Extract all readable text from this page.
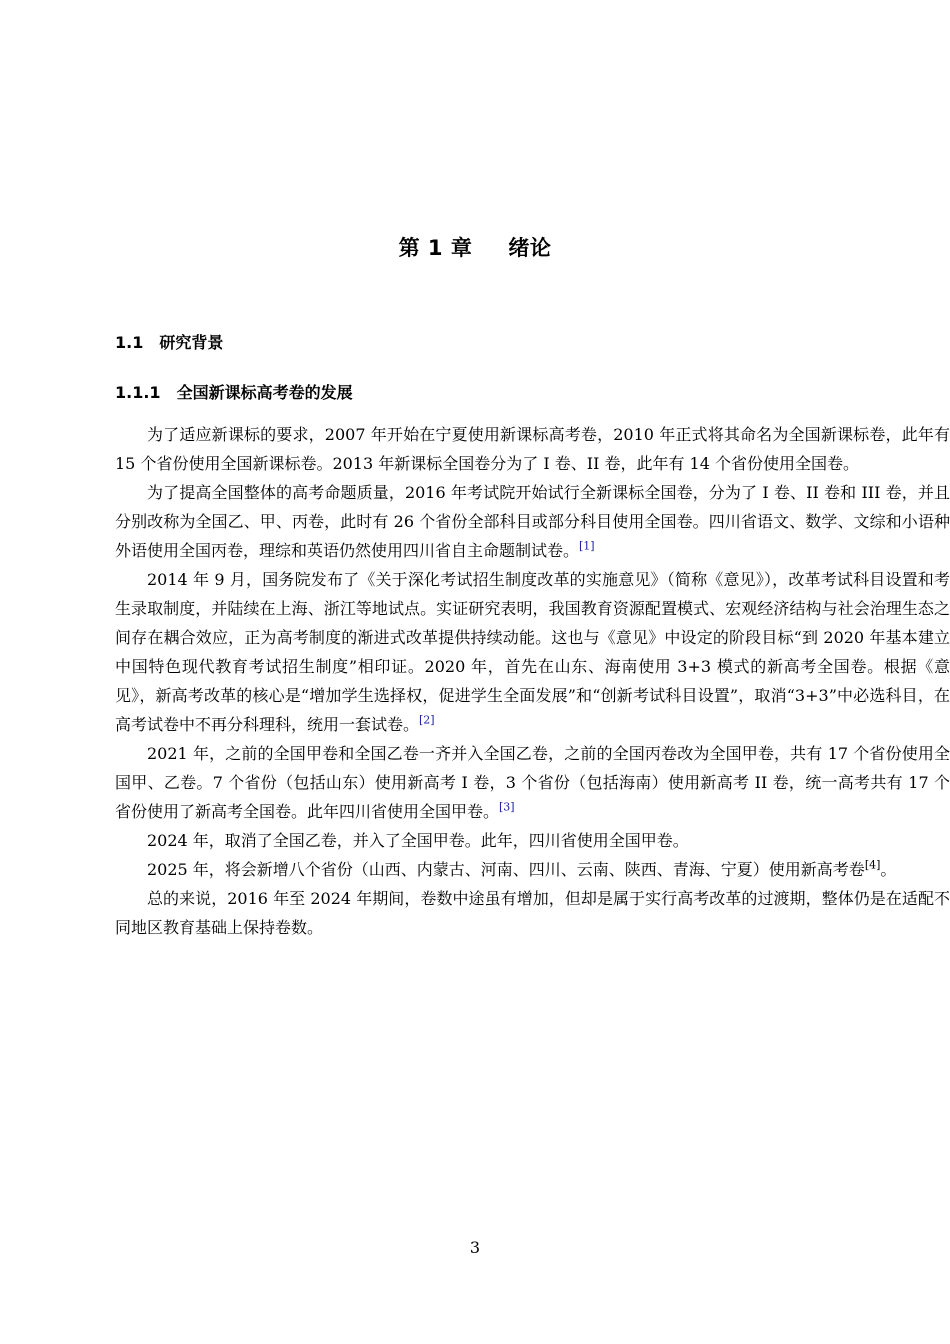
第 1 章 绪论
1.1 研究背景
1.1.1 全国新课标高考卷的发展

为了适应新课标的要求，2007 年开始在宁夏使用新课标高考卷，2010 年正式将其命名为全国新课标卷，此年有 15 个省份使用全国新课标卷。2013 年新课标全国卷分为了 I 卷、II 卷，此年有 14 个省份使用全国卷。

为了提高全国整体的高考命题质量，2016 年考试院开始试行全新课标全国卷，分为了 I 卷、II 卷和 III 卷，并且分别改称为全国乙、甲、丙卷，此时有 26 个省份全部科目或部分科目使用全国卷。四川省语文、数学、文综和小语种外语使用全国丙卷，理综和英语仍然使用四川省自主命题制试卷。[1]

2014 年 9 月，国务院发布了《关于深化考试招生制度改革的实施意见》（简称《意见》），改革考试科目设置和考生录取制度，并陆续在上海、浙江等地试点。实证研究表明，我国教育资源配置模式、宏观经济结构与社会治理生态之间存在耦合效应，正为高考制度的渐进式改革提供持续动能。这也与《意见》中设定的阶段目标“到 2020 年基本建立中国特色现代教育考试招生制度”相印证。2020 年，首先在山东、海南使用 3+3 模式的新高考全国卷。根据《意见》，新高考改革的核心是“增加学生选择权，促进学生全面发展”和“创新考试科目设置”，取消“3+3”中必选科目，在高考试卷中不再分科理科，统用一套试卷。[2]

2021 年，之前的全国甲卷和全国乙卷一齐并入全国乙卷，之前的全国丙卷改为全国甲卷，共有 17 个省份使用全国甲、乙卷。7 个省份（包括山东）使用新高考 I 卷，3 个省份（包括海南）使用新高考 II 卷，统一高考共有 17 个省份使用了新高考全国卷。此年四川省使用全国甲卷。[3]

2024 年，取消了全国乙卷，并入了全国甲卷。此年，四川省使用全国甲卷。

2025 年，将会新增八个省份（山西、内蒙古、河南、四川、云南、陕西、青海、宁夏）使用新高考卷[4]。

总的来说，2016 年至 2024 年期间，卷数中途虽有增加，但却是属于实行高考改革的过渡期，整体仍是在适配不同地区教育基础上保持卷数。

3
